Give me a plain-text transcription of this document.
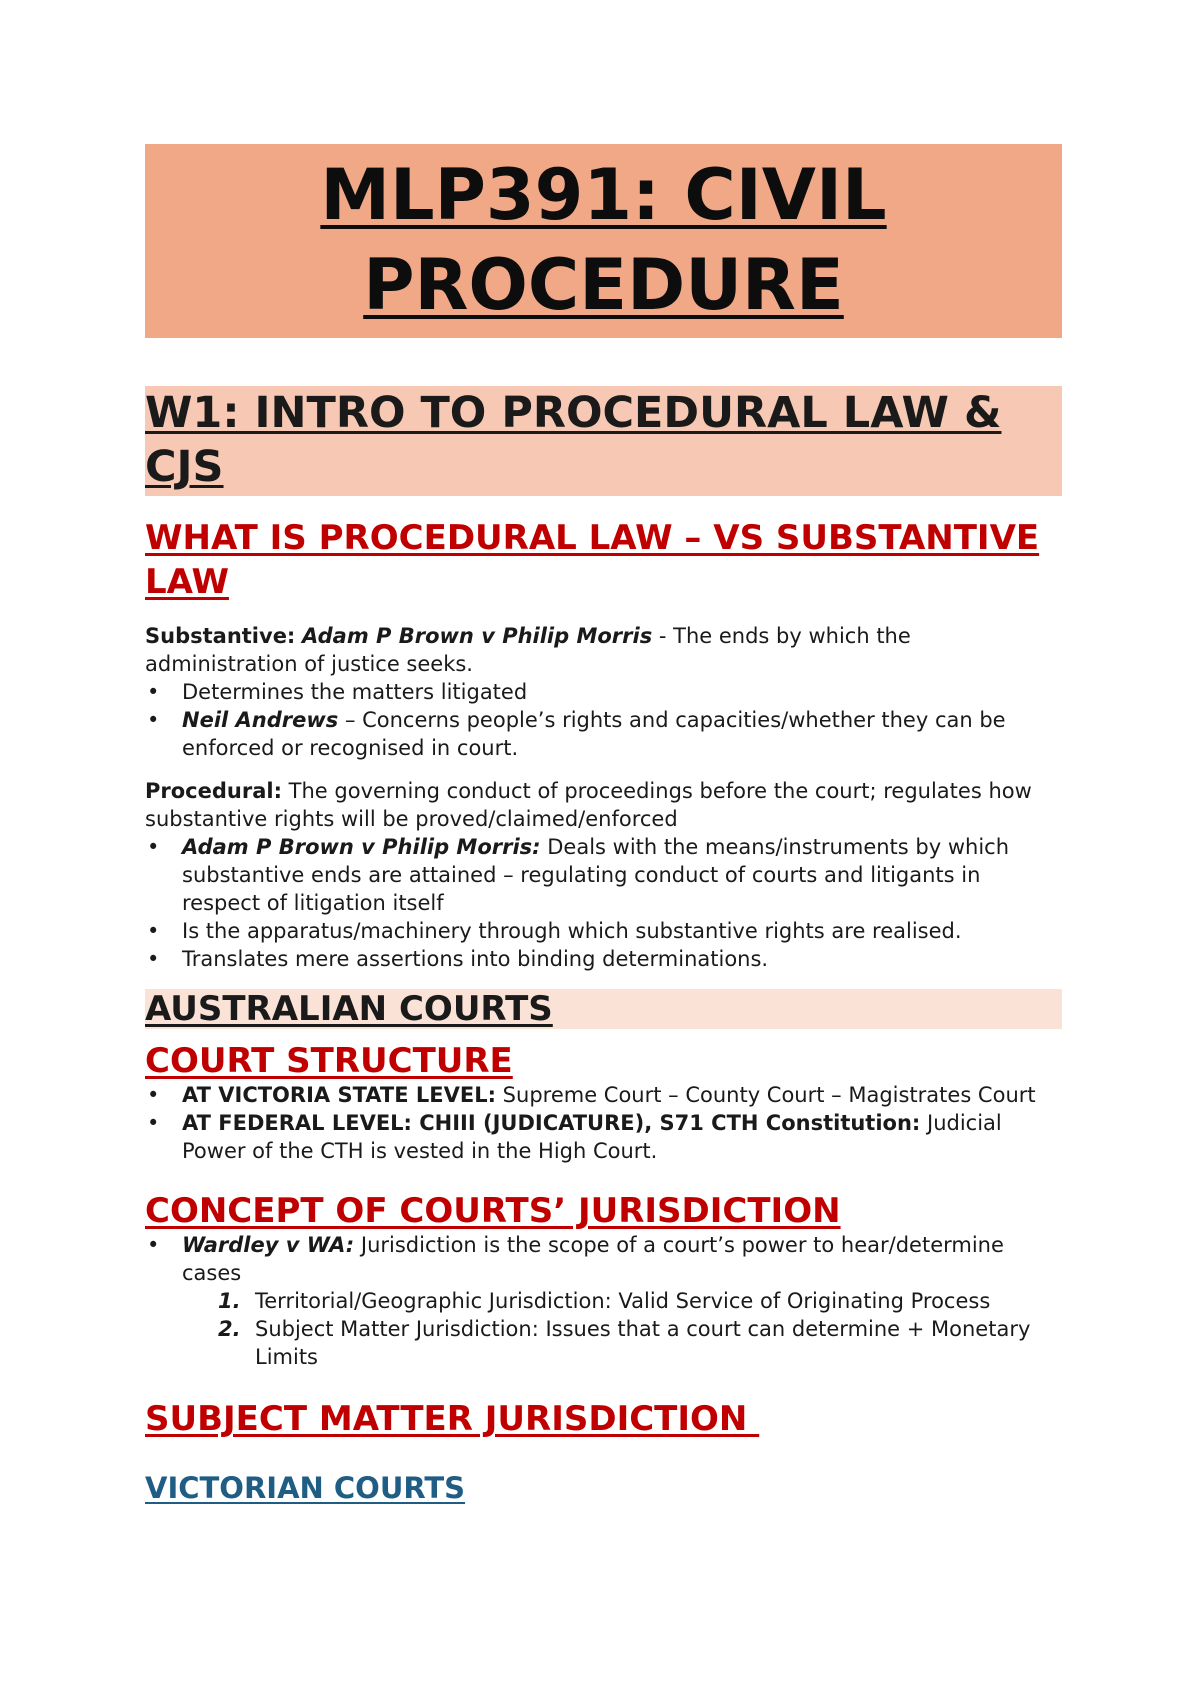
MLP391: CIVIL PROCEDURE
W1: INTRO TO PROCEDURAL LAW & CJS
WHAT IS PROCEDURAL LAW – VS SUBSTANTIVE LAW

Substantive: Adam P Brown v Philip Morris - The ends by which the administration of justice seeks.

• Determines the matters litigated
• Neil Andrews – Concerns people’s rights and capacities/whether they can be enforced or recognised in court.

Procedural: The governing conduct of proceedings before the court; regulates how substantive rights will be proved/claimed/enforced

• Adam P Brown v Philip Morris: Deals with the means/instruments by which substantive ends are attained – regulating conduct of courts and litigants in respect of litigation itself
• Is the apparatus/machinery through which substantive rights are realised.
• Translates mere assertions into binding determinations.
AUSTRALIAN COURTS
COURT STRUCTURE
• AT VICTORIA STATE LEVEL: Supreme Court – County Court – Magistrates Court
• AT FEDERAL LEVEL: CHIII (JUDICATURE), S71 CTH Constitution: Judicial Power of the CTH is vested in the High Court.
CONCEPT OF COURTS’ JURISDICTION
• Wardley v WA: Jurisdiction is the scope of a court’s power to hear/determine cases
1. Territorial/Geographic Jurisdiction: Valid Service of Originating Process
2. Subject Matter Jurisdiction: Issues that a court can determine + Monetary Limits
SUBJECT MATTER JURISDICTION
VICTORIAN COURTS
